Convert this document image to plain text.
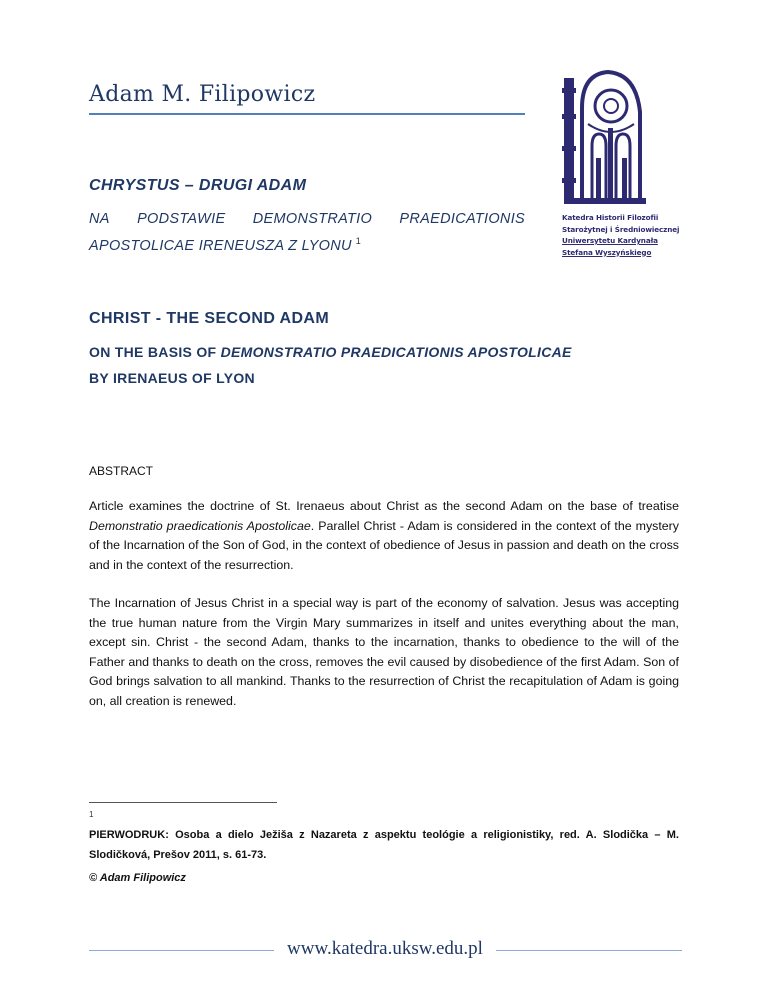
Adam M. Filipowicz
Katedra Historii Filozofii
Starożytnej i Średniowiecznej
Uniwersytetu Kardynała
Stefana Wyszyńskiego
CHRYSTUS – DRUGI ADAM
NA PODSTAWIE DEMONSTRATIO PRAEDICATIONIS
APOSTOLICAE IRENEUSZA Z LYONU $^1$
CHRIST - THE SECOND ADAM
ON THE BASIS OF DEMONSTRATIO PRAEDICATIONIS APOSTOLICAE
BY IRENAEUS OF LYON
ABSTRACT
Article examines the doctrine of St. Irenaeus about Christ as the second Adam on the base of treatise Demonstratio praedicationis Apostolicae. Parallel Christ - Adam is considered in the context of the mystery of the Incarnation of the Son of God, in the context of obedience of Jesus in passion and death on the cross and in the context of the resurrection.
The Incarnation of Jesus Christ in a special way is part of the economy of salvation. Jesus was accepting the true human nature from the Virgin Mary summarizes in itself and unites everything about the man, except sin. Christ - the second Adam, thanks to the incarnation, thanks to obedience to the will of the Father and thanks to death on the cross, removes the evil caused by disobedience of the first Adam. Son of God brings salvation to all mankind. Thanks to the resurrection of Christ the recapitulation of Adam is going on, all creation is renewed.
1
PIERWODRUK: Osoba a dielo Ježiša z Nazareta z aspektu teológie a religionistiky, red. A. Slodička – M. Slodičková, Prešov 2011, s. 61-73.
© Adam Filipowicz
www.katedra.uksw.edu.pl
